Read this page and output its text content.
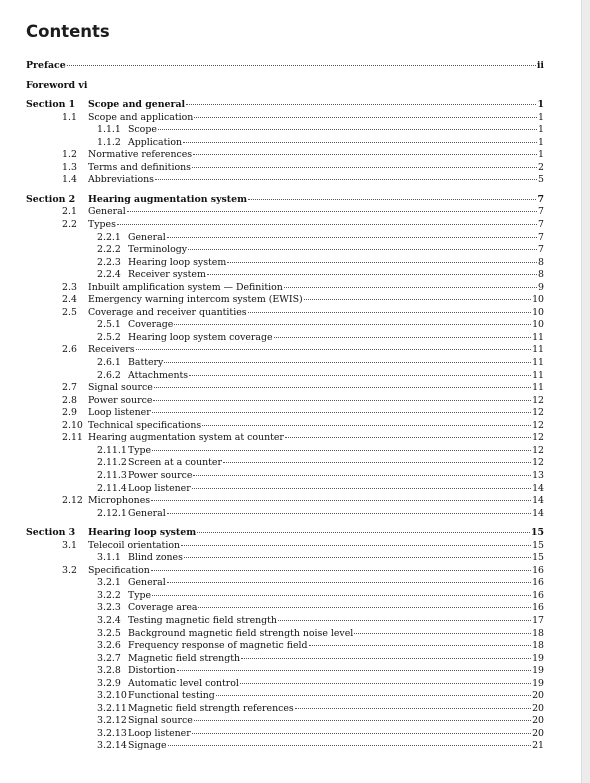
Contents
Preface	ii
Foreword vi
Section 1 Scope and general	1
1.1 Scope and application	1
1.1.1 Scope	1
1.1.2 Application	1
1.2 Normative references	1
1.3 Terms and definitions	2
1.4 Abbreviations	5
Section 2 Hearing augmentation system	7
2.1 General	7
2.2 Types	7
2.2.1 General	7
2.2.2 Terminology	7
2.2.3 Hearing loop system	8
2.2.4 Receiver system	8
2.3 Inbuilt amplification system — Definition	9
2.4 Emergency warning intercom system (EWIS)	10
2.5 Coverage and receiver quantities	10
2.5.1 Coverage	10
2.5.2 Hearing loop system coverage	11
2.6 Receivers	11
2.6.1 Battery	11
2.6.2 Attachments	11
2.7 Signal source	11
2.8 Power source	12
2.9 Loop listener	12
2.10 Technical specifications	12
2.11 Hearing augmentation system at counter	12
2.11.1 Type	12
2.11.2 Screen at a counter	12
2.11.3 Power source	13
2.11.4 Loop listener	14
2.12 Microphones	14
2.12.1 General	14
Section 3 Hearing loop system	15
3.1 Telecoil orientation	15
3.1.1 Blind zones	15
3.2 Specification	16
3.2.1 General	16
3.2.2 Type	16
3.2.3 Coverage area	16
3.2.4 Testing magnetic field strength	17
3.2.5 Background magnetic field strength noise level	18
3.2.6 Frequency response of magnetic field	18
3.2.7 Magnetic field strength	19
3.2.8 Distortion	19
3.2.9 Automatic level control	19
3.2.10 Functional testing	20
3.2.11 Magnetic field strength references	20
3.2.12 Signal source	20
3.2.13 Loop listener	20
3.2.14 Signage	21
